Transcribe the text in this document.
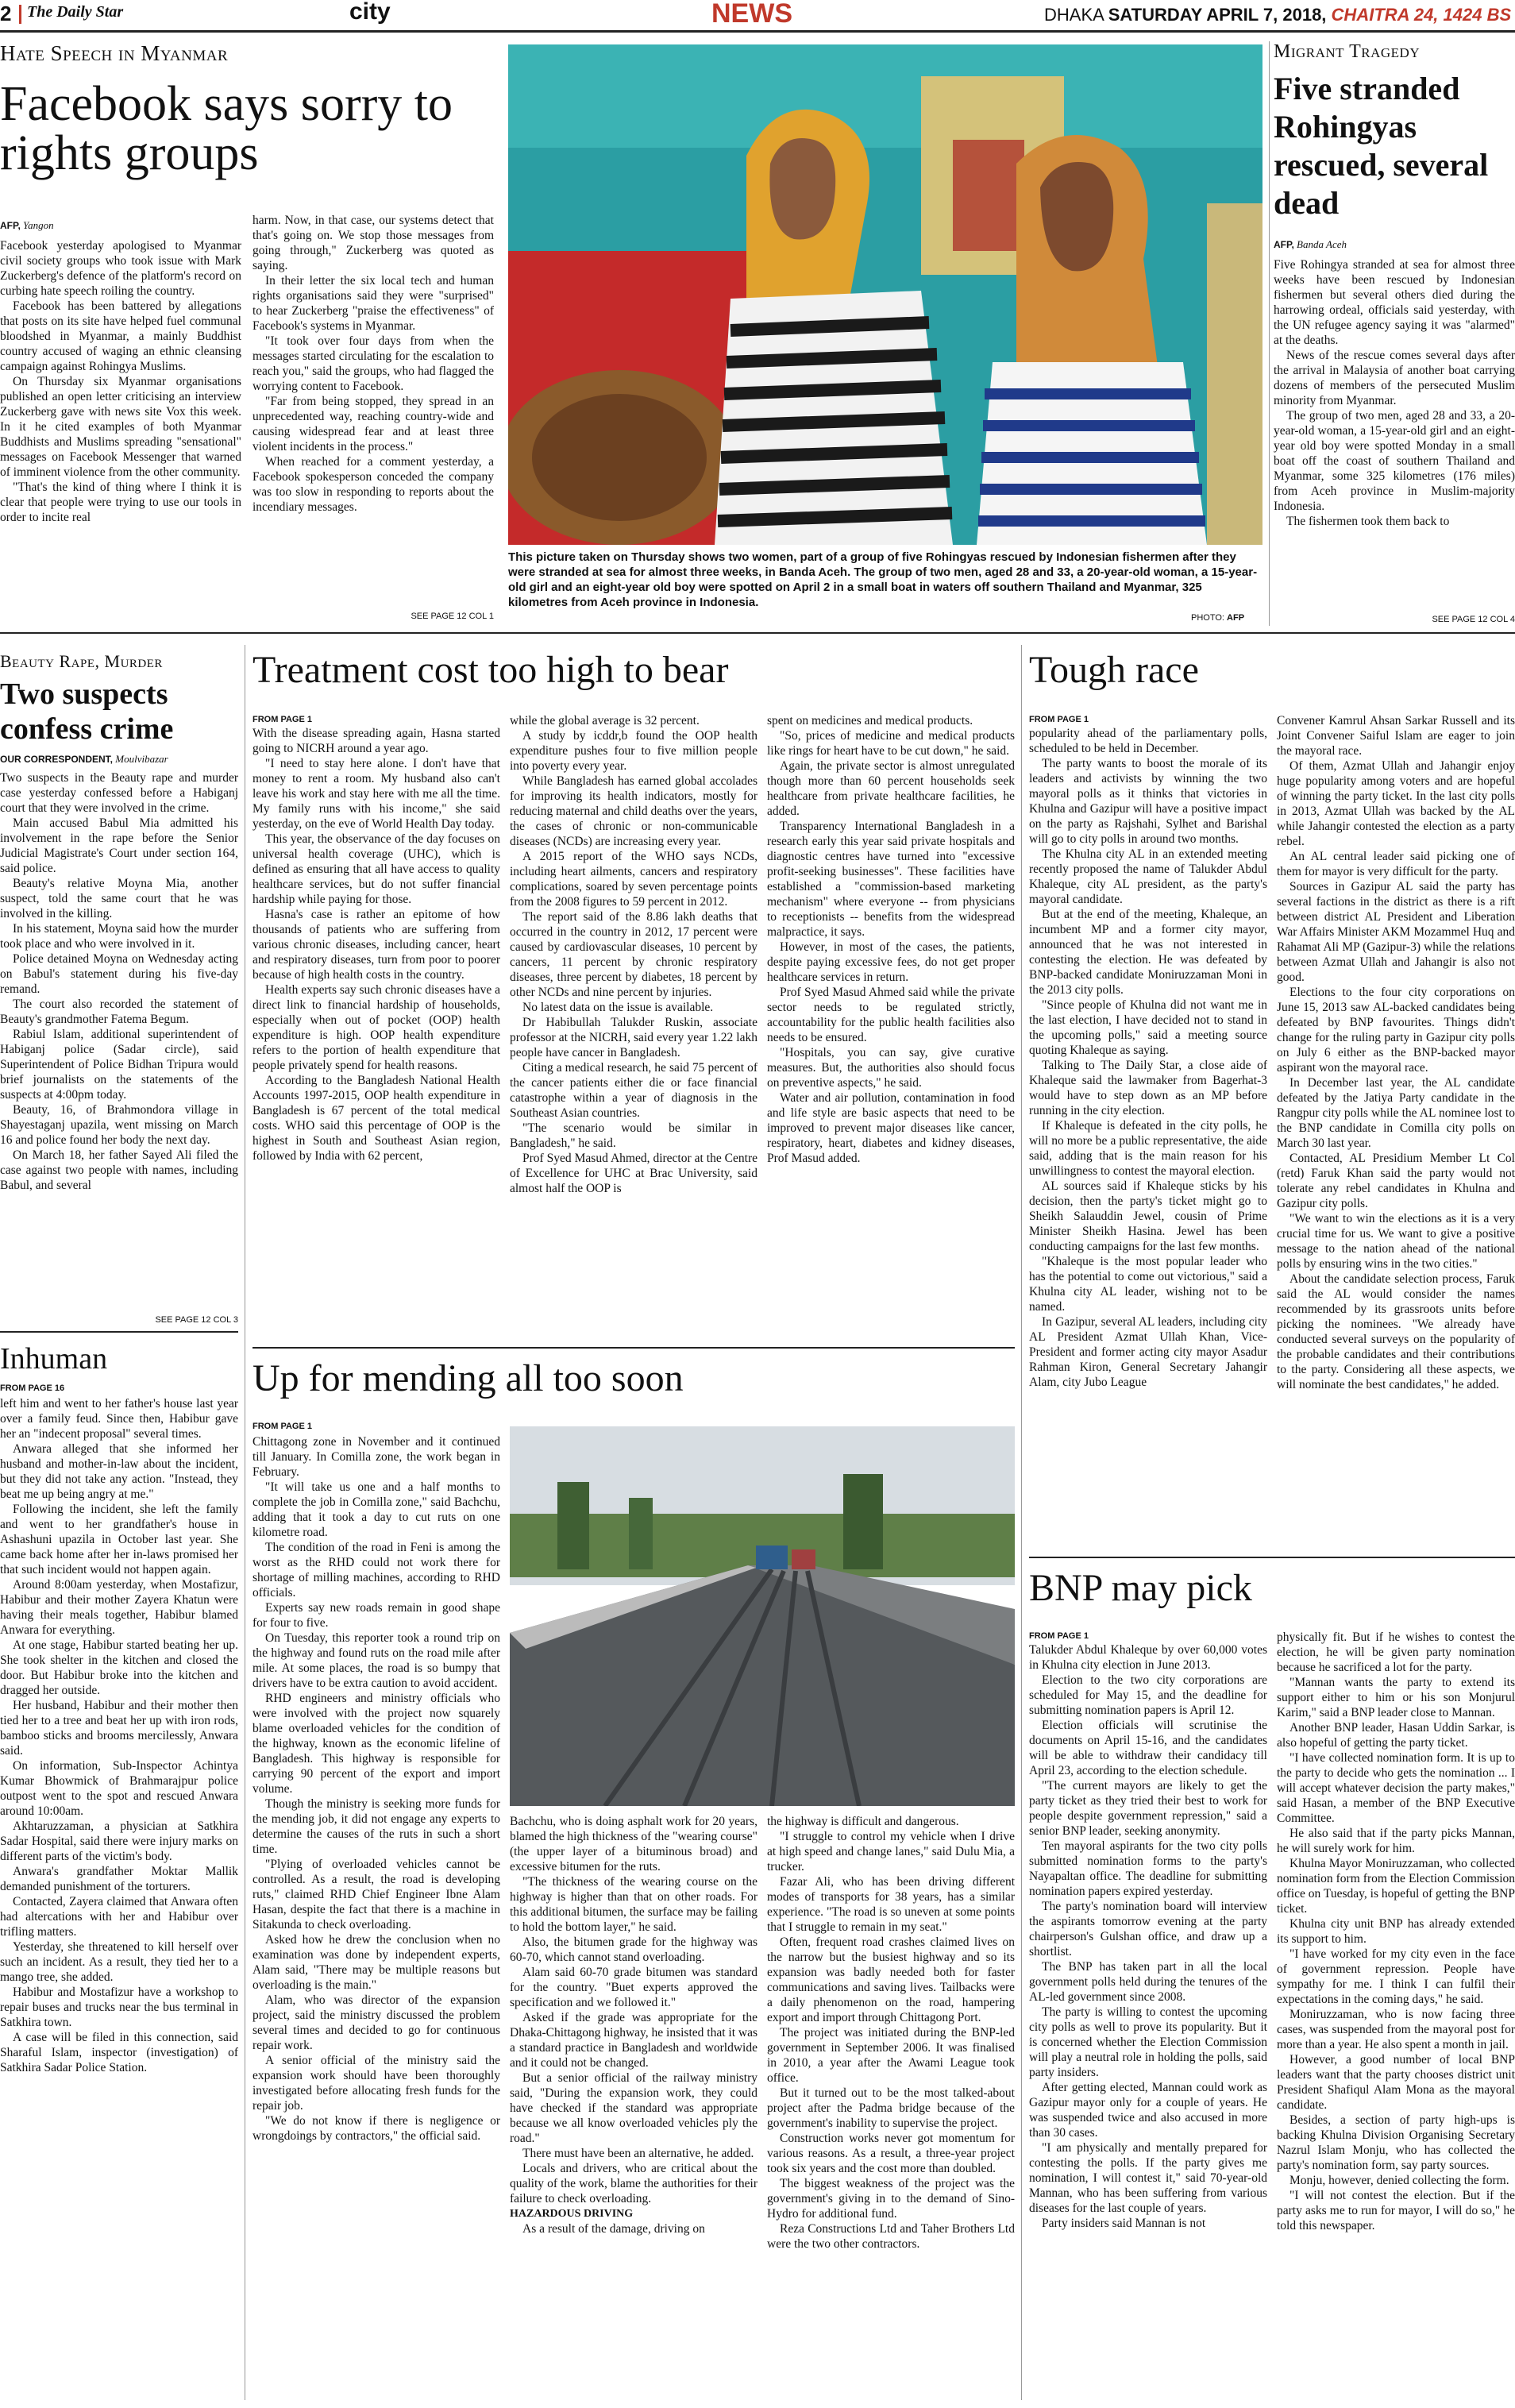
2 The Daily Star	city	NEWS	DHAKA SATURDAY APRIL 7, 2018, CHAITRA 24, 1424 BS
Hate Speech in Myanmar
Facebook says sorry to rights groups
AFP, Yangon

Facebook yesterday apologised to Myanmar civil society groups who took issue with Mark Zuckerberg's defence of the platform's record on curbing hate speech roiling the country.

Facebook has been battered by allegations that posts on its site have helped fuel communal bloodshed in Myanmar, a mainly Buddhist country accused of waging an ethnic cleansing campaign against Rohingya Muslims.

On Thursday six Myanmar organisations published an open letter criticising an interview Zuckerberg gave with news site Vox this week. In it he cited examples of both Myanmar Buddhists and Muslims spreading "sensational" messages on Facebook Messenger that warned of imminent violence from the other community.

"That's the kind of thing where I think it is clear that people were trying to use our tools in order to incite real

harm. Now, in that case, our systems detect that that's going on. We stop those messages from going through," Zuckerberg was quoted as saying.

In their letter the six local tech and human rights organisations said they were "surprised" to hear Zuckerberg "praise the effectiveness" of Facebook's systems in Myanmar.

"It took over four days from when the messages started circulating for the escalation to reach you," said the groups, who had flagged the worrying content to Facebook.

"Far from being stopped, they spread in an unprecedented way, reaching country-wide and causing widespread fear and at least three violent incidents in the process."

When reached for a comment yesterday, a Facebook spokesperson conceded the company was too slow in responding to reports about the incendiary messages.

SEE PAGE 12 COL 1
This picture taken on Thursday shows two women, part of a group of five Rohingyas rescued by Indonesian fishermen after they were stranded at sea for almost three weeks, in Banda Aceh. The group of two men, aged 28 and 33, a 20-year-old woman, a 15-year-old girl and an eight-year old boy were spotted on April 2 in a small boat in waters off southern Thailand and Myanmar, 325 kilometres from Aceh province in Indonesia.
PHOTO: AFP
Migrant Tragedy
Five stranded Rohingyas rescued, several dead
AFP, Banda Aceh

Five Rohingya stranded at sea for almost three weeks have been rescued by Indonesian fishermen but several others died during the harrowing ordeal, officials said yesterday, with the UN refugee agency saying it was "alarmed" at the deaths.

News of the rescue comes several days after the arrival in Malaysia of another boat carrying dozens of members of the persecuted Muslim minority from Myanmar.

The group of two men, aged 28 and 33, a 20-year-old woman, a 15-year-old girl and an eight-year old boy were spotted Monday in a small boat off the coast of southern Thailand and Myanmar, some 325 kilometres (176 miles) from Aceh province in Muslim-majority Indonesia.

The fishermen took them back to

SEE PAGE 12 COL 4
Beauty Rape, Murder
Two suspects confess crime
OUR CORRESPONDENT, Moulvibazar

Two suspects in the Beauty rape and murder case yesterday confessed before a Habiganj court that they were involved in the crime.

Main accused Babul Mia admitted his involvement in the rape before the Senior Judicial Magistrate's Court under section 164, said police.

Beauty's relative Moyna Mia, another suspect, told the same court that he was involved in the killing.

In his statement, Moyna said how the murder took place and who were involved in it.

Police detained Moyna on Wednesday acting on Babul's statement during his five-day remand.

The court also recorded the statement of Beauty's grandmother Fatema Begum.

Rabiul Islam, additional superintendent of Habiganj police (Sadar circle), said Superintendent of Police Bidhan Tripura would brief journalists on the statements of the suspects at 4:00pm today.

Beauty, 16, of Brahmondora village in Shayestaganj upazila, went missing on March 16 and police found her body the next day.

On March 18, her father Sayed Ali filed the case against two people with names, including Babul, and several

SEE PAGE 12 COL 3
Inhuman
FROM PAGE 16

left him and went to her father's house last year over a family feud. Since then, Habibur gave her an "indecent proposal" several times.

Anwara alleged that she informed her husband and mother-in-law about the incident, but they did not take any action. "Instead, they beat me up being angry at me."

Following the incident, she left the family and went to her grandfather's house in Ashashuni upazila in October last year. She came back home after her in-laws promised her that such incident would not happen again.

Around 8:00am yesterday, when Mostafizur, Habibur and their mother Zayera Khatun were having their meals together, Habibur blamed Anwara for everything.

At one stage, Habibur started beating her up. She took shelter in the kitchen and closed the door. But Habibur broke into the kitchen and dragged her outside.

Her husband, Habibur and their mother then tied her to a tree and beat her up with iron rods, bamboo sticks and brooms mercilessly, Anwara said.

On information, Sub-Inspector Achintya Kumar Bhowmick of Brahmarajpur police outpost went to the spot and rescued Anwara around 10:00am.

Akhtaruzzaman, a physician at Satkhira Sadar Hospital, said there were injury marks on different parts of the victim's body.

Anwara's grandfather Moktar Mallik demanded punishment of the torturers.

Contacted, Zayera claimed that Anwara often had altercations with her and Habibur over trifling matters.

Yesterday, she threatened to kill herself over such an incident. As a result, they tied her to a mango tree, she added.

Habibur and Mostafizur have a workshop to repair buses and trucks near the bus terminal in Satkhira town.

A case will be filed in this connection, said Sharaful Islam, inspector (investigation) of Satkhira Sadar Police Station.

Treatment cost too high to bear
FROM PAGE 1

With the disease spreading again, Hasna started going to NICRH around a year ago.

"I need to stay here alone. I don't have that money to rent a room. My husband also can't leave his work and stay here with me all the time. My family runs with his income," she said yesterday, on the eve of World Health Day today.

This year, the observance of the day focuses on universal health coverage (UHC), which is defined as ensuring that all have access to quality healthcare services, but do not suffer financial hardship while paying for those.

Hasna's case is rather an epitome of how thousands of patients who are suffering from various chronic diseases, including cancer, heart and respiratory diseases, turn from poor to poorer because of high health costs in the country.

Health experts say such chronic diseases have a direct link to financial hardship of households, especially when out of pocket (OOP) health expenditure is high. OOP health expenditure refers to the portion of health expenditure that people privately spend for health reasons.

According to the Bangladesh National Health Accounts 1997-2015, OOP health expenditure in Bangladesh is 67 percent of the total medical costs. WHO said this percentage of OOP is the highest in South and Southeast Asian region, followed by India with 62 percent,

while the global average is 32 percent.

A study by icddr,b found the OOP health expenditure pushes four to five million people into poverty every year.

While Bangladesh has earned global accolades for improving its health indicators, mostly for reducing maternal and child deaths over the years, the cases of chronic or non-communicable diseases (NCDs) are increasing every year.

A 2015 report of the WHO says NCDs, including heart ailments, cancers and respiratory complications, soared by seven percentage points from the 2008 figures to 59 percent in 2012.

The report said of the 8.86 lakh deaths that occurred in the country in 2012, 17 percent were caused by cardiovascular diseases, 10 percent by cancers, 11 percent by chronic respiratory diseases, three percent by diabetes, 18 percent by other NCDs and nine percent by injuries.

No latest data on the issue is available.

Dr Habibullah Talukder Ruskin, associate professor at the NICRH, said every year 1.22 lakh people have cancer in Bangladesh.

Citing a medical research, he said 75 percent of the cancer patients either die or face financial catastrophe within a year of diagnosis in the Southeast Asian countries.

"The scenario would be similar in Bangladesh," he said.

Prof Syed Masud Ahmed, director at the Centre of Excellence for UHC at Brac University, said almost half the OOP is

spent on medicines and medical products.

"So, prices of medicine and medical products like rings for heart have to be cut down," he said.

Again, the private sector is almost unregulated though more than 60 percent households seek healthcare from private healthcare facilities, he added.

Transparency International Bangladesh in a research early this year said private hospitals and diagnostic centres have turned into "excessive profit-seeking businesses". These facilities have established a "commission-based marketing mechanism" where everyone -- from physicians to receptionists -- benefits from the widespread malpractice, it says.

However, in most of the cases, the patients, despite paying excessive fees, do not get proper healthcare services in return.

Prof Syed Masud Ahmed said while the private sector needs to be regulated strictly, accountability for the public health facilities also needs to be ensured.

"Hospitals, you can say, give curative measures. But, the authorities also should focus on preventive aspects," he said.

Water and air pollution, contamination in food and life style are basic aspects that need to be improved to prevent major diseases like cancer, respiratory, heart, diabetes and kidney diseases, Prof Masud added.

Up for mending all too soon
FROM PAGE 1

Chittagong zone in November and it continued till January. In Comilla zone, the work began in February.

"It will take us one and a half months to complete the job in Comilla zone," said Bachchu, adding that it took a day to cut ruts on one kilometre road.

The condition of the road in Feni is among the worst as the RHD could not work there for shortage of milling machines, according to RHD officials.

Experts say new roads remain in good shape for four to five.

On Tuesday, this reporter took a round trip on the highway and found ruts on the road mile after mile. At some places, the road is so bumpy that drivers have to be extra caution to avoid accident.

RHD engineers and ministry officials who were involved with the project now squarely blame overloaded vehicles for the condition of the highway, known as the economic lifeline of Bangladesh. This highway is responsible for carrying 90 percent of the export and import volume.

Though the ministry is seeking more funds for the mending job, it did not engage any experts to determine the causes of the ruts in such a short time.

"Plying of overloaded vehicles cannot be controlled. As a result, the road is developing ruts," claimed RHD Chief Engineer Ibne Alam Hasan, despite the fact that there is a machine in Sitakunda to check overloading.

Asked how he drew the conclusion when no examination was done by independent experts, Alam said, "There may be multiple reasons but overloading is the main."

Alam, who was director of the expansion project, said the ministry discussed the problem several times and decided to go for continuous repair work.

A senior official of the ministry said the expansion work should have been thoroughly investigated before allocating fresh funds for the repair job.

"We do not know if there is negligence or wrongdoings by contractors," the official said.

Bachchu, who is doing asphalt work for 20 years, blamed the high thickness of the "wearing course" (the upper layer of a bituminous broad) and excessive bitumen for the ruts.

"The thickness of the wearing course on the highway is higher than that on other roads. For this additional bitumen, the surface may be failing to hold the bottom layer," he said.

Also, the bitumen grade for the highway was 60-70, which cannot stand overloading.

Alam said 60-70 grade bitumen was standard for the country. "Buet experts approved the specification and we followed it."

Asked if the grade was appropriate for the Dhaka-Chittagong highway, he insisted that it was a standard practice in Bangladesh and worldwide and it could not be changed.

But a senior official of the railway ministry said, "During the expansion work, they could have checked if the standard was appropriate because we all know overloaded vehicles ply the road."

There must have been an alternative, he added.

Locals and drivers, who are critical about the quality of the work, blame the authorities for their failure to check overloading.

HAZARDOUS DRIVING

As a result of the damage, driving on

the highway is difficult and dangerous.

"I struggle to control my vehicle when I drive at high speed and change lanes," said Dulu Mia, a trucker.

Fazar Ali, who has been driving different modes of transports for 38 years, has a similar experience. "The road is so uneven at some points that I struggle to remain in my seat."

Often, frequent road crashes claimed lives on the narrow but the busiest highway and so its expansion was badly needed both for faster communications and saving lives. Tailbacks were a daily phenomenon on the road, hampering export and import through Chittagong Port.

The project was initiated during the BNP-led government in September 2006. It was finalised in 2010, a year after the Awami League took office.

But it turned out to be the most talked-about project after the Padma bridge because of the government's inability to supervise the project.

Construction works never got momentum for various reasons. As a result, a three-year project took six years and the cost more than doubled.

The biggest weakness of the project was the government's giving in to the demand of Sino-Hydro for additional fund.

Reza Constructions Ltd and Taher Brothers Ltd were the two other contractors.

Tough race
FROM PAGE 1

popularity ahead of the parliamentary polls, scheduled to be held in December.

The party wants to boost the morale of its leaders and activists by winning the two mayoral polls as it thinks that victories in Khulna and Gazipur will have a positive impact on the party as Rajshahi, Sylhet and Barishal will go to city polls in around two months.

The Khulna city AL in an extended meeting recently proposed the name of Talukder Abdul Khaleque, city AL president, as the party's mayoral candidate.

But at the end of the meeting, Khaleque, an incumbent MP and a former city mayor, announced that he was not interested in contesting the election. He was defeated by BNP-backed candidate Moniruzzaman Moni in the 2013 city polls.

"Since people of Khulna did not want me in the last election, I have decided not to stand in the upcoming polls," said a meeting source quoting Khaleque as saying.

Talking to The Daily Star, a close aide of Khaleque said the lawmaker from Bagerhat-3 would have to step down as an MP before running in the city election.

If Khaleque is defeated in the city polls, he will no more be a public representative, the aide said, adding that is the main reason for his unwillingness to contest the mayoral election.

AL sources said if Khaleque sticks by his decision, then the party's ticket might go to Sheikh Salauddin Jewel, cousin of Prime Minister Sheikh Hasina. Jewel has been conducting campaigns for the last few months.

"Khaleque is the most popular leader who has the potential to come out victorious," said a Khulna city AL leader, wishing not to be named.

In Gazipur, several AL leaders, including city AL President Azmat Ullah Khan, Vice-President and former acting city mayor Asadur Rahman Kiron, General Secretary Jahangir Alam, city Jubo League

Convener Kamrul Ahsan Sarkar Russell and its Joint Convener Saiful Islam are eager to join the mayoral race.

Of them, Azmat Ullah and Jahangir enjoy huge popularity among voters and are hopeful of winning the party ticket. In the last city polls in 2013, Azmat Ullah was backed by the AL while Jahangir contested the election as a party rebel.

An AL central leader said picking one of them for mayor is very difficult for the party.

Sources in Gazipur AL said the party has several factions in the district as there is a rift between district AL President and Liberation War Affairs Minister AKM Mozammel Huq and Rahamat Ali MP (Gazipur-3) while the relations between Azmat Ullah and Jahangir is also not good.

Elections to the four city corporations on June 15, 2013 saw AL-backed candidates being defeated by BNP favourites. Things didn't change for the ruling party in Gazipur city polls on July 6 either as the BNP-backed mayor aspirant won the mayoral race.

In December last year, the AL candidate defeated by the Jatiya Party candidate in the Rangpur city polls while the AL nominee lost to the BNP candidate in Comilla city polls on March 30 last year.

Contacted, AL Presidium Member Lt Col (retd) Faruk Khan said the party would not tolerate any rebel candidates in Khulna and Gazipur city polls.

"We want to win the elections as it is a very crucial time for us. We want to give a positive message to the nation ahead of the national polls by ensuring wins in the two cities."

About the candidate selection process, Faruk said the AL would consider the names recommended by its grassroots units before picking the nominees. "We already have conducted several surveys on the popularity of the probable candidates and their contributions to the party. Considering all these aspects, we will nominate the best candidates," he added.

BNP may pick
FROM PAGE 1

Talukder Abdul Khaleque by over 60,000 votes in Khulna city election in June 2013.

Election to the two city corporations are scheduled for May 15, and the deadline for submitting nomination papers is April 12.

Election officials will scrutinise the documents on April 15-16, and the candidates will be able to withdraw their candidacy till April 23, according to the election schedule.

"The current mayors are likely to get the party ticket as they tried their best to work for people despite government repression," said a senior BNP leader, seeking anonymity.

Ten mayoral aspirants for the two city polls submitted nomination forms to the party's Nayapaltan office. The deadline for submitting nomination papers expired yesterday.

The party's nomination board will interview the aspirants tomorrow evening at the party chairperson's Gulshan office, and draw up a shortlist.

The BNP has taken part in all the local government polls held during the tenures of the AL-led government since 2008.

The party is willing to contest the upcoming city polls as well to prove its popularity. But it is concerned whether the Election Commission will play a neutral role in holding the polls, said party insiders.

After getting elected, Mannan could work as Gazipur mayor only for a couple of years. He was suspended twice and also accused in more than 30 cases.

"I am physically and mentally prepared for contesting the polls. If the party gives me nomination, I will contest it," said 70-year-old Mannan, who has been suffering from various diseases for the last couple of years.

Party insiders said Mannan is not

physically fit. But if he wishes to contest the election, he will be given party nomination because he sacrificed a lot for the party.

"Mannan wants the party to extend its support either to him or his son Monjurul Karim," said a BNP leader close to Mannan.

Another BNP leader, Hasan Uddin Sarkar, is also hopeful of getting the party ticket.

"I have collected nomination form. It is up to the party to decide who gets the nomination ... I will accept whatever decision the party makes," said Hasan, a member of the BNP Executive Committee.

He also said that if the party picks Mannan, he will surely work for him.

Khulna Mayor Moniruzzaman, who collected nomination form from the Election Commission office on Tuesday, is hopeful of getting the BNP ticket.

Khulna city unit BNP has already extended its support to him.

"I have worked for my city even in the face of government repression. People have sympathy for me. I think I can fulfil their expectations in the coming days," he said.

Moniruzzaman, who is now facing three cases, was suspended from the mayoral post for more than a year. He also spent a month in jail.

However, a good number of local BNP leaders want that the party chooses district unit President Shafiqul Alam Mona as the mayoral candidate.

Besides, a section of party high-ups is backing Khulna Division Organising Secretary Nazrul Islam Monju, who has collected the party's nomination form, say party sources.

Monju, however, denied collecting the form.

"I will not contest the election. But if the party asks me to run for mayor, I will do so," he told this newspaper.
